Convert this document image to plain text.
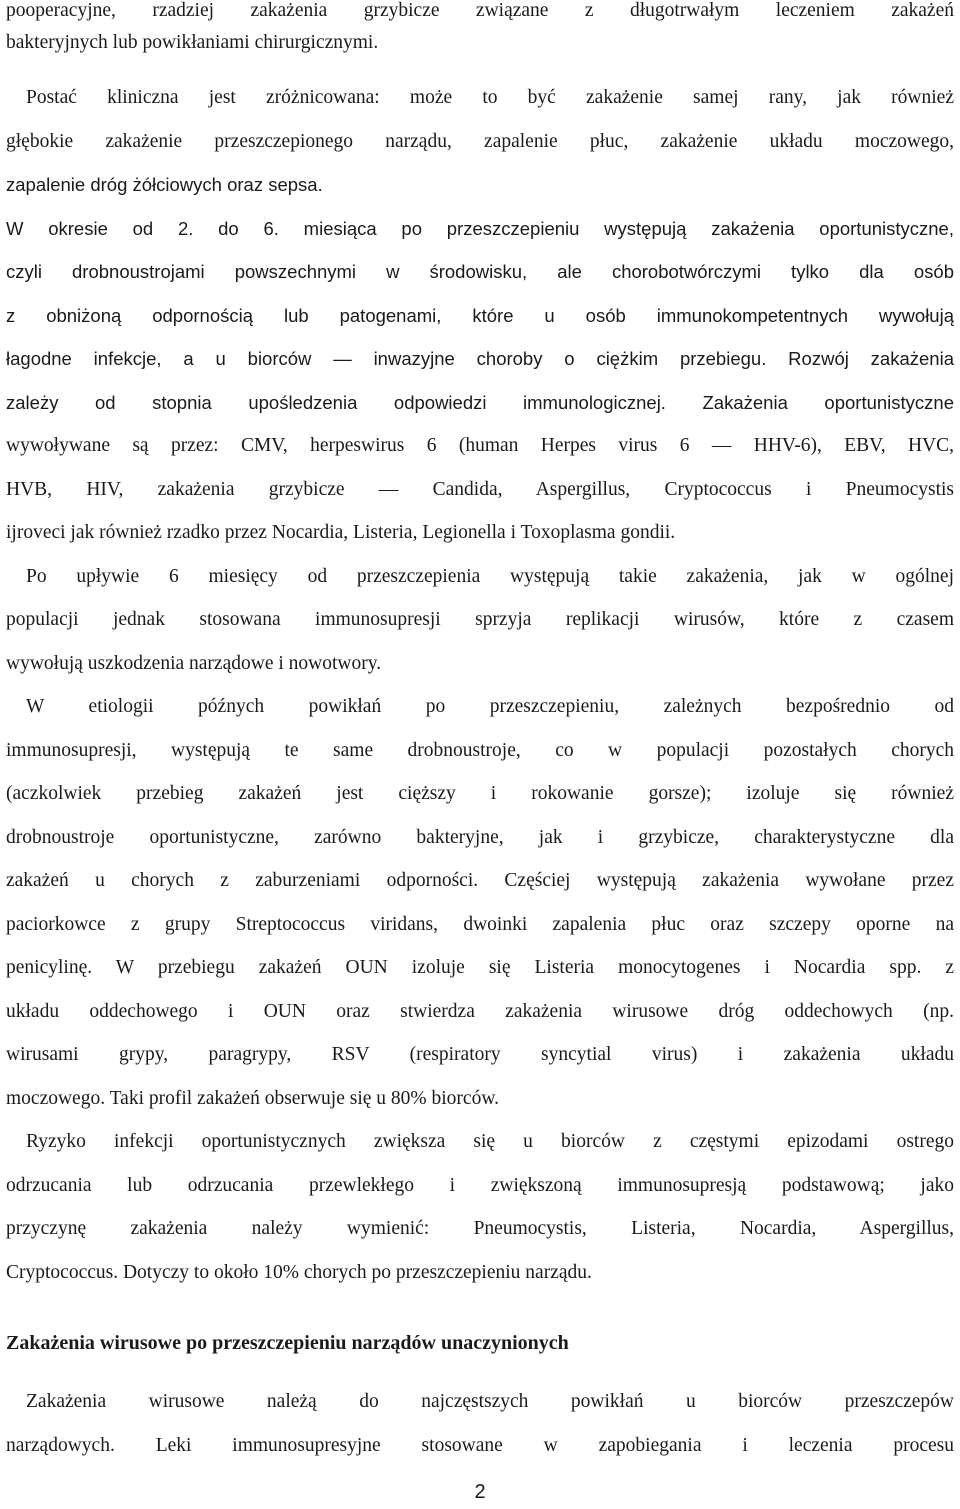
pooperacyjne, rzadziej zakażenia grzybicze związane z długotrwałym leczeniem zakażeń
bakteryjnych lub powikłaniami chirurgicznymi.
Postać kliniczna jest zróżnicowana: może to być zakażenie samej rany, jak również
głębokie zakażenie przeszczepionego narządu, zapalenie płuc, zakażenie układu moczowego,
zapalenie dróg żółciowych oraz sepsa.
W okresie od 2. do 6. miesiąca po przeszczepieniu występują zakażenia oportunistyczne,
czyli drobnoustrojami powszechnymi w środowisku, ale chorobotwórczymi tylko dla osób
z obniżoną odpornością lub patogenami, które u osób immunokompetentnych wywołują
łagodne infekcje, a u biorców — inwazyjne choroby o ciężkim przebiegu. Rozwój zakażenia
zależy od stopnia upośledzenia odpowiedzi immunologicznej. Zakażenia oportunistyczne
wywoływane są przez: CMV, herpeswirus 6 (human Herpes virus 6 — HHV-6), EBV, HVC,
HVB, HIV, zakażenia grzybicze — Candida, Aspergillus, Cryptococcus i Pneumocystis
ijroveci jak również rzadko przez Nocardia, Listeria, Legionella i Toxoplasma gondii.
Po upływie 6 miesięcy od przeszczepienia występują takie zakażenia, jak w ogólnej
populacji jednak stosowana immunosupresji sprzyja replikacji wirusów, które z czasem
wywołują uszkodzenia narządowe i nowotwory.
W etiologii późnych powikłań po przeszczepieniu, zależnych bezpośrednio od
immunosupresji, występują te same drobnoustroje, co w populacji pozostałych chorych
(aczkolwiek przebieg zakażeń jest cięższy i rokowanie gorsze); izoluje się również
drobnoustroje oportunistyczne, zarówno bakteryjne, jak i grzybicze, charakterystyczne dla
zakażeń u chorych z zaburzeniami odporności. Częściej występują zakażenia wywołane przez
paciorkowce z grupy Streptococcus viridans, dwoinki zapalenia płuc oraz szczepy oporne na
penicylinę. W przebiegu zakażeń OUN izoluje się Listeria monocytogenes i Nocardia spp. z
układu oddechowego i OUN oraz stwierdza zakażenia wirusowe dróg oddechowych (np.
wirusami grypy, paragrypy, RSV (respiratory syncytial virus) i zakażenia układu
moczowego. Taki profil zakażeń obserwuje się u 80% biorców.
Ryzyko infekcji oportunistycznych zwiększa się u biorców z częstymi epizodami ostrego
odrzucania lub odrzucania przewlekłego i zwiększoną immunosupresją podstawową; jako
przyczynę zakażenia należy wymienić: Pneumocystis, Listeria, Nocardia, Aspergillus,
Cryptococcus. Dotyczy to około 10% chorych po przeszczepieniu narządu.
Zakażenia wirusowe po przeszczepieniu narządów unaczynionych
Zakażenia wirusowe należą do najczęstszych powikłań u biorców przeszczepów
narządowych. Leki immunosupresyjne stosowane w zapobiegania i leczenia procesu
2
